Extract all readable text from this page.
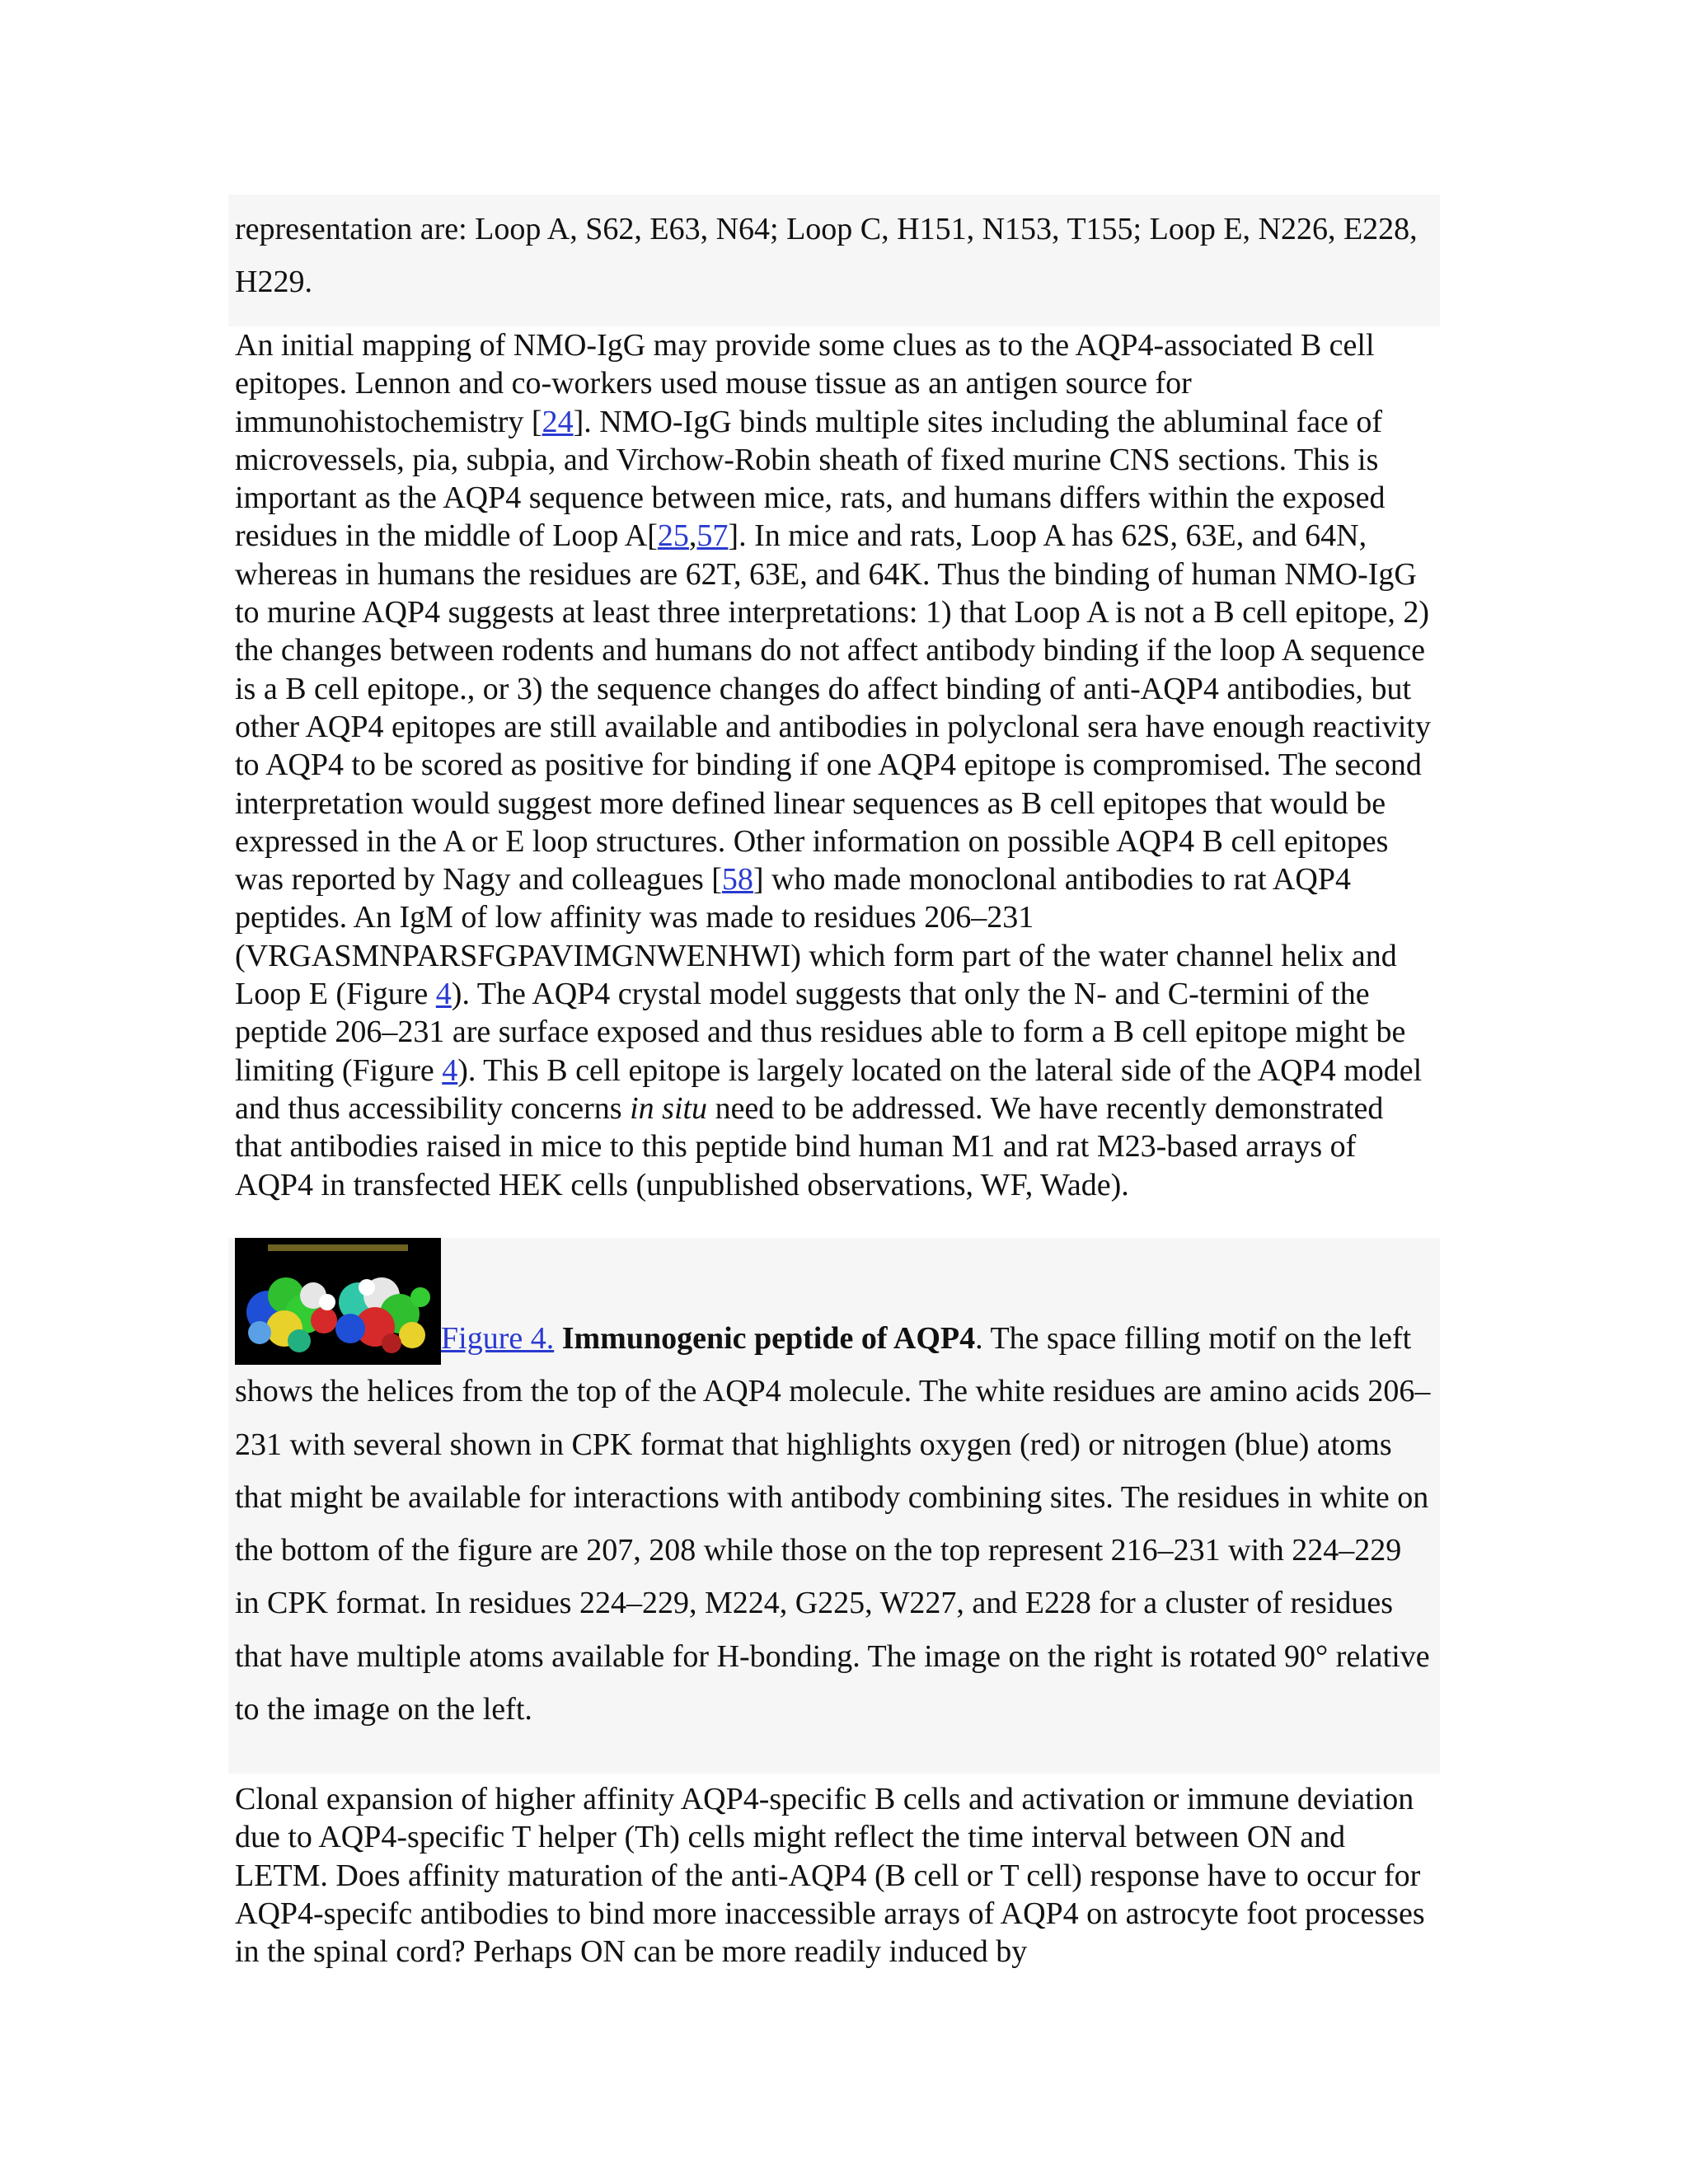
representation are: Loop A, S62, E63, N64; Loop C, H151, N153, T155; Loop E, N226, E228, H229.
An initial mapping of NMO-IgG may provide some clues as to the AQP4-associated B cell epitopes. Lennon and co-workers used mouse tissue as an antigen source for immunohistochemistry [24]. NMO-IgG binds multiple sites including the abluminal face of microvessels, pia, subpia, and Virchow-Robin sheath of fixed murine CNS sections. This is important as the AQP4 sequence between mice, rats, and humans differs within the exposed residues in the middle of Loop A[25,57]. In mice and rats, Loop A has 62S, 63E, and 64N, whereas in humans the residues are 62T, 63E, and 64K. Thus the binding of human NMO-IgG to murine AQP4 suggests at least three interpretations: 1) that Loop A is not a B cell epitope, 2) the changes between rodents and humans do not affect antibody binding if the loop A sequence is a B cell epitope., or 3) the sequence changes do affect binding of anti-AQP4 antibodies, but other AQP4 epitopes are still available and antibodies in polyclonal sera have enough reactivity to AQP4 to be scored as positive for binding if one AQP4 epitope is compromised. The second interpretation would suggest more defined linear sequences as B cell epitopes that would be expressed in the A or E loop structures. Other information on possible AQP4 B cell epitopes was reported by Nagy and colleagues [58] who made monoclonal antibodies to rat AQP4 peptides. An IgM of low affinity was made to residues 206–231 (VRGASMNPARSFGPAVIMGNWENHWI) which form part of the water channel helix and Loop E (Figure 4). The AQP4 crystal model suggests that only the N- and C-termini of the peptide 206–231 are surface exposed and thus residues able to form a B cell epitope might be limiting (Figure 4). This B cell epitope is largely located on the lateral side of the AQP4 model and thus accessibility concerns in situ need to be addressed. We have recently demonstrated that antibodies raised in mice to this peptide bind human M1 and rat M23-based arrays of AQP4 in transfected HEK cells (unpublished observations, WF, Wade).
Figure 4. Immunogenic peptide of AQP4. The space filling motif on the left shows the helices from the top of the AQP4 molecule. The white residues are amino acids 206–231 with several shown in CPK format that highlights oxygen (red) or nitrogen (blue) atoms that might be available for interactions with antibody combining sites. The residues in white on the bottom of the figure are 207, 208 while those on the top represent 216–231 with 224–229 in CPK format. In residues 224–229, M224, G225, W227, and E228 for a cluster of residues that have multiple atoms available for H-bonding. The image on the right is rotated 90° relative to the image on the left.
Clonal expansion of higher affinity AQP4-specific B cells and activation or immune deviation due to AQP4-specific T helper (Th) cells might reflect the time interval between ON and LETM. Does affinity maturation of the anti-AQP4 (B cell or T cell) response have to occur for AQP4-specifc antibodies to bind more inaccessible arrays of AQP4 on astrocyte foot processes in the spinal cord? Perhaps ON can be more readily induced by
